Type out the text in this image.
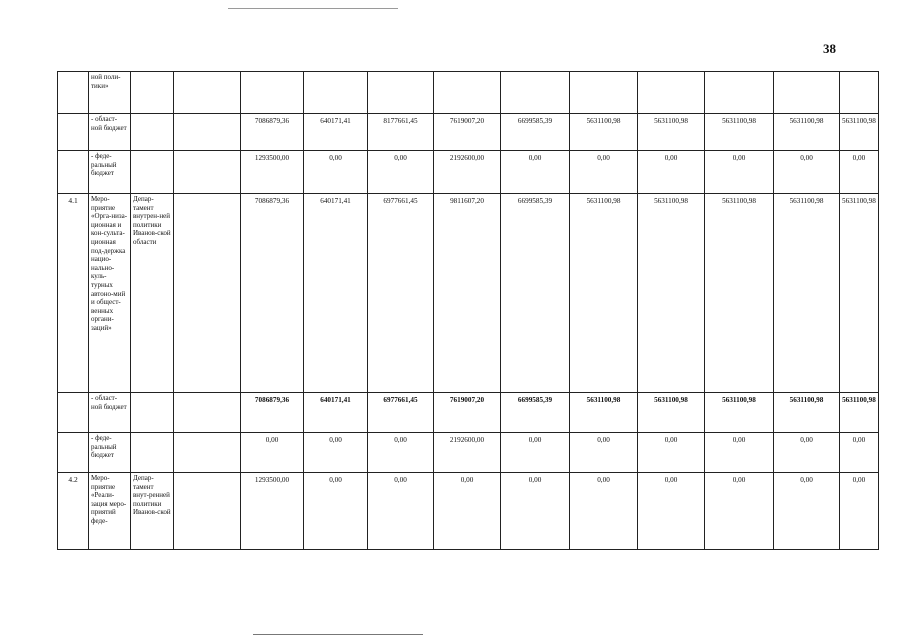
38
	ной поли-тики»												
	- област-ной бюджет			7086879,36	640171,41	8177661,45	7619007,20	6699585,39	5631100,98	5631100,98	5631100,98	5631100,98	5631100,98
	- феде-ральный бюджет			1293500,00	0,00	0,00	2192600,00	0,00	0,00	0,00	0,00	0,00	0,00
4.1	Меро-приятие «Орга-низа-ционная и кон-сульта-ционная под-держка нацио-нально-куль-турных автоно-мий и общест-венных органи-заций»	Депар-тамент внутрен-ней политики Иванов-ской области		7086879,36	640171,41	6977661,45	9811607,20	6699585,39	5631100,98	5631100,98	5631100,98	5631100,98	5631100,98
	- област-ной бюджет			7086879,36	640171,41	6977661,45	7619007,20	6699585,39	5631100,98	5631100,98	5631100,98	5631100,98	5631100,98
	- феде-ральный бюджет			0,00	0,00	0,00	2192600,00	0,00	0,00	0,00	0,00	0,00	0,00
4.2	Меро-приятие «Реали-зация меро-приятий феде-	Депар-тамент внут-ренней политики Иванов-ской		1293500,00	0,00	0,00	0,00	0,00	0,00	0,00	0,00	0,00	0,00
